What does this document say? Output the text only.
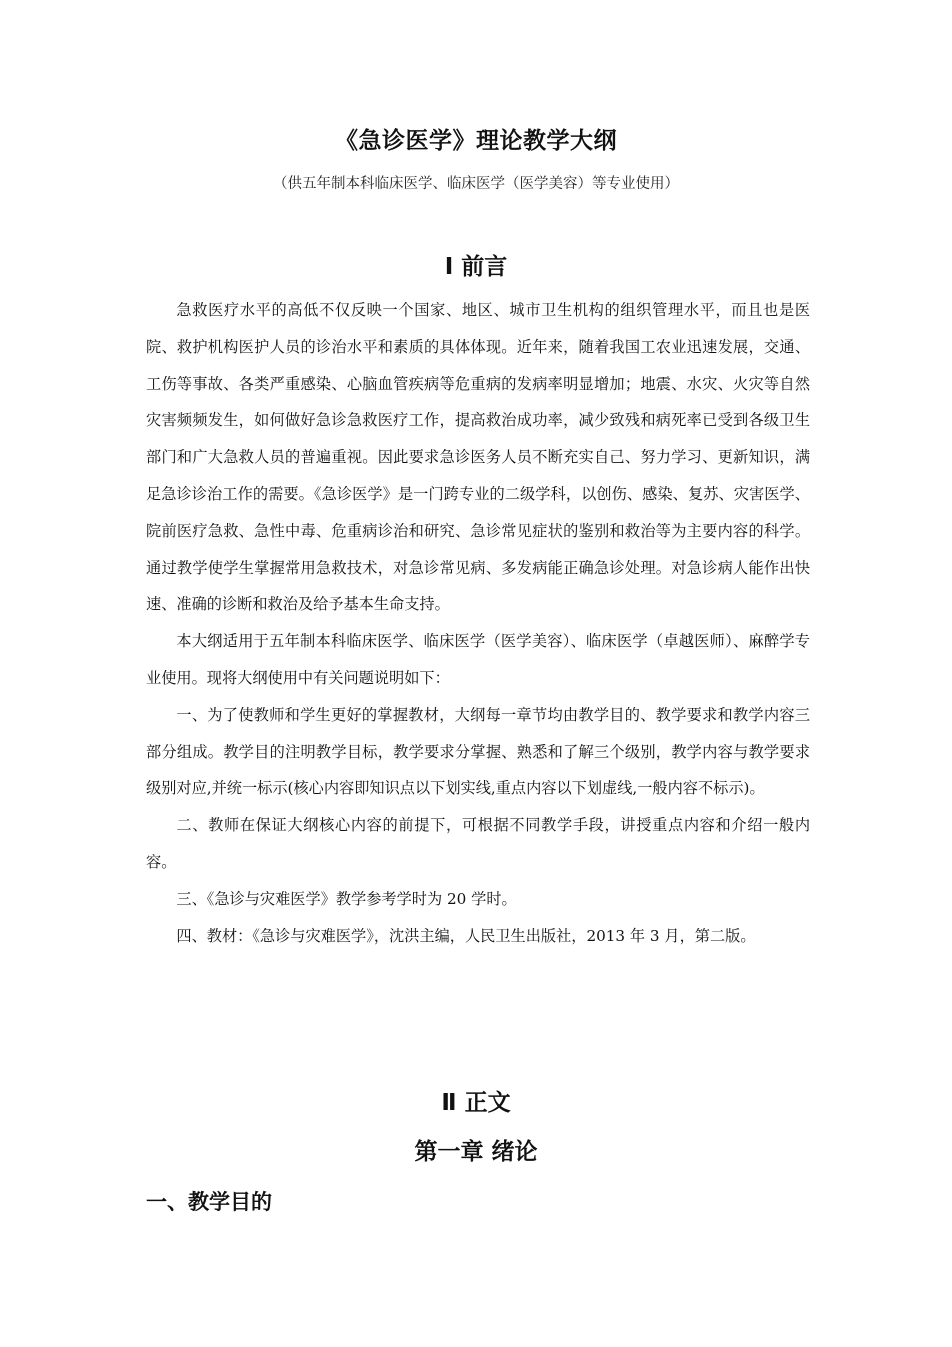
《急诊医学》理论教学大纲
（供五年制本科临床医学、临床医学（医学美容）等专业使用）
Ⅰ 前言

急救医疗水平的高低不仅反映一个国家、地区、城市卫生机构的组织管理水平，而且也是医院、救护机构医护人员的诊治水平和素质的具体体现。近年来，随着我国工农业迅速发展，交通、工伤等事故、各类严重感染、心脑血管疾病等危重病的发病率明显增加；地震、水灾、火灾等自然灾害频频发生，如何做好急诊急救医疗工作，提高救治成功率，减少致残和病死率已受到各级卫生部门和广大急救人员的普遍重视。因此要求急诊医务人员不断充实自己、努力学习、更新知识，满足急诊诊治工作的需要。《急诊医学》是一门跨专业的二级学科，以创伤、感染、复苏、灾害医学、院前医疗急救、急性中毒、危重病诊治和研究、急诊常见症状的鉴别和救治等为主要内容的科学。通过教学使学生掌握常用急救技术，对急诊常见病、多发病能正确急诊处理。对急诊病人能作出快速、准确的诊断和救治及给予基本生命支持。

本大纲适用于五年制本科临床医学、临床医学（医学美容）、临床医学（卓越医师）、麻醉学专业使用。现将大纲使用中有关问题说明如下：

一、为了使教师和学生更好的掌握教材，大纲每一章节均由教学目的、教学要求和教学内容三部分组成。教学目的注明教学目标，教学要求分掌握、熟悉和了解三个级别，教学内容与教学要求级别对应,并统一标示(核心内容即知识点以下划实线,重点内容以下划虚线,一般内容不标示)。

二、教师在保证大纲核心内容的前提下，可根据不同教学手段，讲授重点内容和介绍一般内容。

三、《急诊与灾难医学》教学参考学时为 20 学时。

四、教材：《急诊与灾难医学》，沈洪主编，人民卫生出版社，2013 年 3 月，第二版。

Ⅱ 正文
第一章 绪论
一、教学目的
